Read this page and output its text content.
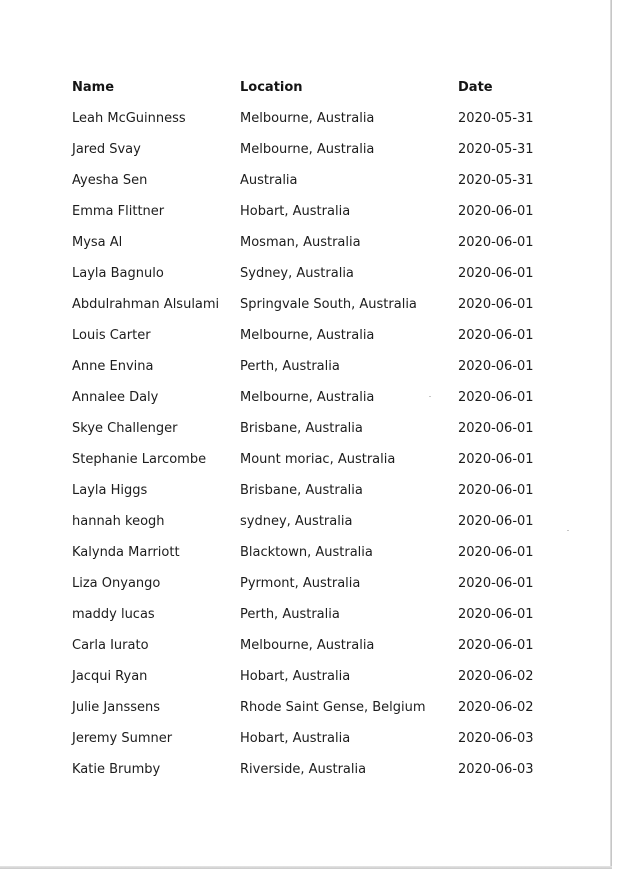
Name	Location	Date
Leah McGuinness	Melbourne, Australia	2020-05-31
Jared Svay	Melbourne, Australia	2020-05-31
Ayesha Sen	Australia	2020-05-31
Emma Flittner	Hobart, Australia	2020-06-01
Mysa Al	Mosman, Australia	2020-06-01
Layla Bagnulo	Sydney, Australia	2020-06-01
Abdulrahman Alsulami	Springvale South, Australia	2020-06-01
Louis Carter	Melbourne, Australia	2020-06-01
Anne Envina	Perth, Australia	2020-06-01
Annalee Daly	Melbourne, Australia	2020-06-01
Skye Challenger	Brisbane, Australia	2020-06-01
Stephanie Larcombe	Mount moriac, Australia	2020-06-01
Layla Higgs	Brisbane, Australia	2020-06-01
hannah keogh	sydney, Australia	2020-06-01
Kalynda Marriott	Blacktown, Australia	2020-06-01
Liza Onyango	Pyrmont, Australia	2020-06-01
maddy lucas	Perth, Australia	2020-06-01
Carla Iurato	Melbourne, Australia	2020-06-01
Jacqui Ryan	Hobart, Australia	2020-06-02
Julie Janssens	Rhode Saint Gense, Belgium	2020-06-02
Jeremy Sumner	Hobart, Australia	2020-06-03
Katie Brumby	Riverside, Australia	2020-06-03
